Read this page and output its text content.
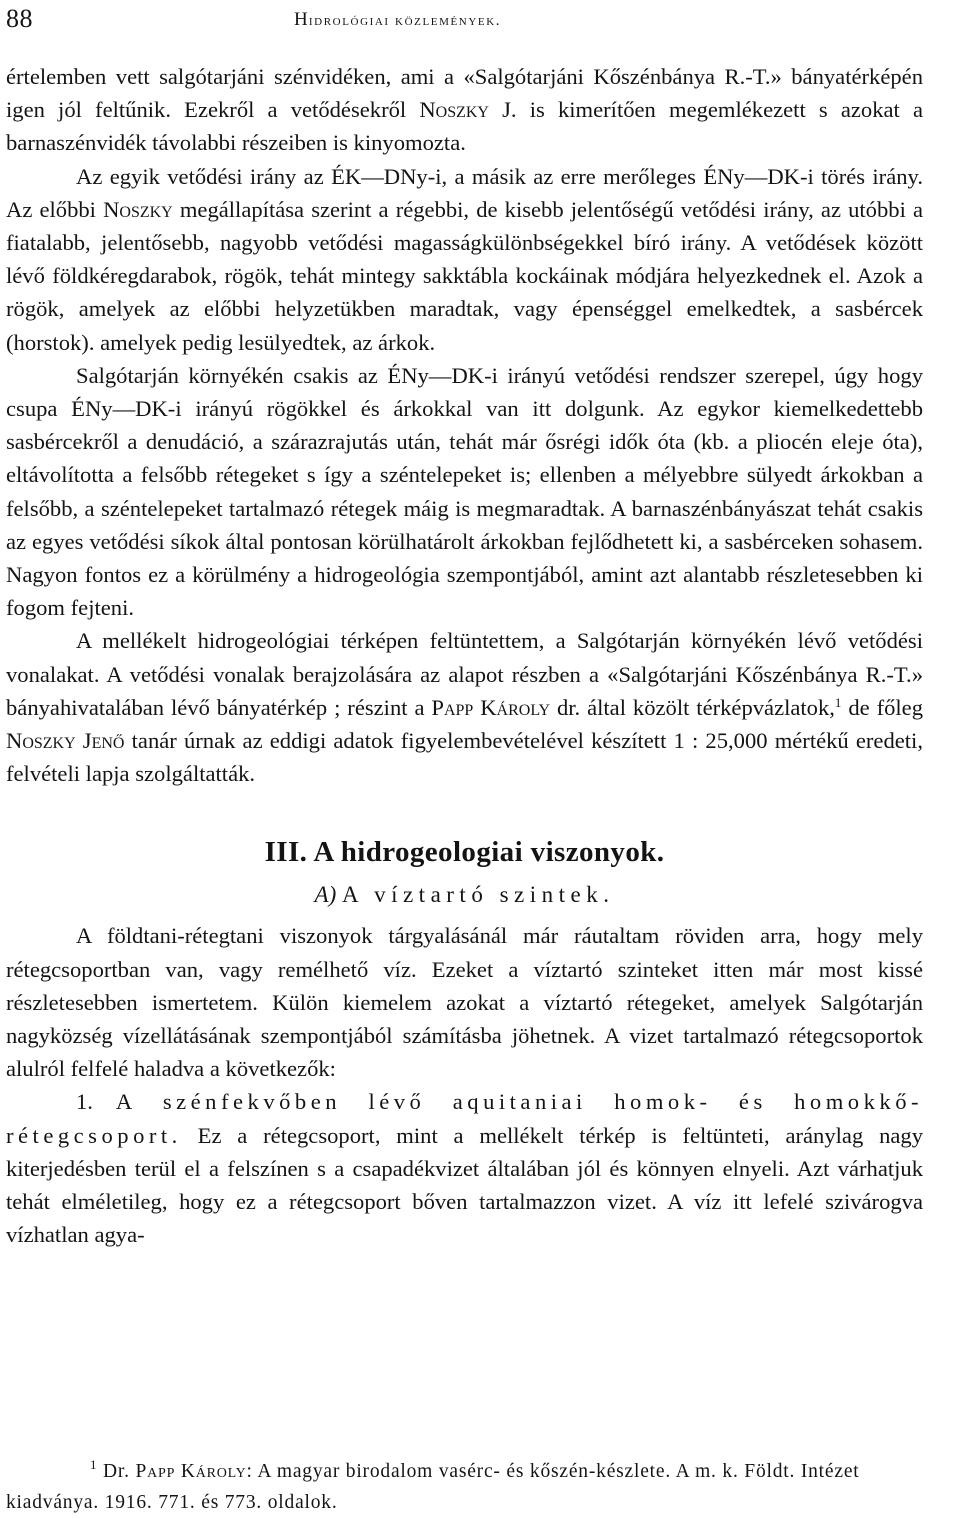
88	Hidrológiai közlemények.

értelemben vett salgótarjáni szénvidéken, ami a «Salgótarjáni Kőszénbánya R.-T.» bányatérképén igen jól feltűnik. Ezekről a vetődésekről Noszky J. is kimerítően megemlékezett s azokat a barnaszénvidék távolabbi részeiben is kinyomozta.

Az egyik vetődési irány az ÉK—DNy-i, a másik az erre merőleges ÉNy—DK-i törés irány. Az előbbi Noszky megállapítása szerint a régebbi, de kisebb jelentőségű vetődési irány, az utóbbi a fiatalabb, jelentősebb, nagyobb vetődési magasságkülönbségekkel bíró irány. A vetődések között lévő földkéregdarabok, rögök, tehát mintegy sakktábla kockáinak módjára helyezkednek el. Azok a rögök, amelyek az előbbi helyzetükben maradtak, vagy épenséggel emelkedtek, a sasbércek (horstok). amelyek pedig lesülyedtek, az árkok.

Salgótarján környékén csakis az ÉNy—DK-i irányú vetődési rendszer szerepel, úgy hogy csupa ÉNy—DK-i irányú rögökkel és árkokkal van itt dolgunk. Az egykor kiemelkedettebb sasbércekről a denudáció, a szárazrajutás után, tehát már ősrégi idők óta (kb. a pliocén eleje óta), eltávolította a felsőbb rétegeket s így a széntelepeket is; ellenben a mélyebbre sülyedt árkokban a felsőbb, a széntelepeket tartalmazó rétegek máig is megmaradtak. A barnaszénbányászat tehát csakis az egyes vetődési síkok által pontosan körülhatárolt árkokban fejlődhetett ki, a sasbérceken sohasem. Nagyon fontos ez a körülmény a hidrogeológia szempontjából, amint azt alantabb részletesebben ki fogom fejteni.

A mellékelt hidrogeológiai térképen feltüntettem, a Salgótarján környékén lévő vetődési vonalakat. A vetődési vonalak berajzolására az alapot részben a «Salgótarjáni Kőszénbánya R.-T.» bányahivatalában lévő bányatérkép ; részint a Papp Károly dr. által közölt térképvázlatok,$^1$ de főleg Noszky Jenő tanár úrnak az eddigi adatok figyelembevételével készített 1 : 25,000 mértékű eredeti, felvételi lapja szolgáltatták.

III. A hidrogeologiai viszonyok.
A) A víztartó szintek.

A földtani-rétegtani viszonyok tárgyalásánál már ráutaltam röviden arra, hogy mely rétegcsoportban van, vagy remélhető víz. Ezeket a víztartó szinteket itten már most kissé részletesebben ismertetem. Külön kiemelem azokat a víztartó rétegeket, amelyek Salgótarján nagyközség vízellátásának szempontjából számításba jöhetnek. A vizet tartalmazó rétegcsoportok alulról felfelé haladva a következők:

1. A szénfekvőben lévő aquitaniai homok- és homokkő-rétegcsoport. Ez a rétegcsoport, mint a mellékelt térkép is feltünteti, aránylag nagy kiterjedésben terül el a felszínen s a csapadékvizet általában jól és könnyen elnyeli. Azt várhatjuk tehát elméletileg, hogy ez a rétegcsoport bőven tartalmazzon vizet. A víz itt lefelé szivárogva vízhatlan agya-

$^1$ Dr. Papp Károly: A magyar birodalom vasérc- és kőszén-készlete. A m. k. Földt. Intézet kiadványa. 1916. 771. és 773. oldalok.
